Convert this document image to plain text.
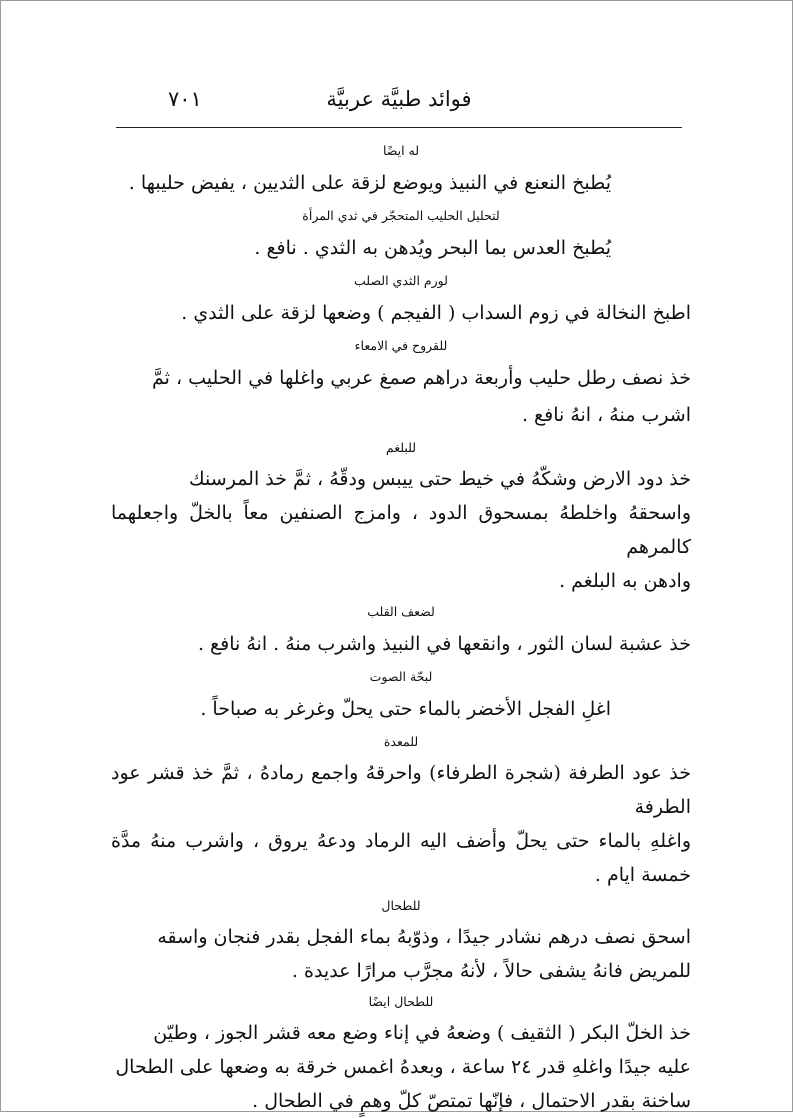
٧٠١	فوائد طبيَّة عربيَّة

له ايضًا

يُطبخ النعنع في النبيذ ويوضع لزقة على الثديين ، يفيض حليبها .

لتحليل الحليب المتحجّر في ثدي المرأة

يُطبخ العدس بما البحر ويُدهن به الثدي . نافع .

لورم الثدي الصلب

اطبخ النخالة في زوم السداب ( الفيجم ) وضعها لزقة على الثدي .

للقروح في الامعاء

خذ نصف رطل حليب وأربعة دراهم صمغ عربي واغلها في الحليب ، ثمَّ

اشرب منهُ ، انهُ نافع .

للبلغم

خذ دود الارض وشكّهُ في خيط حتى ييبس ودقّهُ ، ثمَّ خذ المرسنك

واسحقهُ واخلطهُ بمسحوق الدود ، وامزج الصنفين معاً بالخلّ واجعلهما كالمرهم

وادهن به البلغم .

لضعف القلب

خذ عشبة لسان الثور ، وانقعها في النبيذ واشرب منهُ . انهُ نافع .

لبحّة الصوت

اغلِ الفجل الأخضر بالماء حتى يحلّ وغرغر به صباحاً .

للمعدة

خذ عود الطرفة (شجرة الطرفاء) واحرقهُ واجمع رمادهُ ، ثمَّ خذ قشر عود الطرفة

واغلهِ بالماء حتى يحلّ وأضف اليه الرماد ودعهُ يروق ، واشرب منهُ مدَّة خمسة ايام .

للطحال

اسحق نصف درهم نشادر جيدًا ، وذوّبهُ بماء الفجل بقدر فنجان واسقه

للمريض فانهُ يشفى حالاً ، لأنهُ مجرَّب مرارًا عديدة .

للطحال ايضًا

خذ الخلّ البكر ( الثقيف ) وضعهُ في إناء وضع معه قشر الجوز ، وطيّن

عليه جيدًا واغلهِ قدر ٢٤ ساعة ، وبعدهُ اغمس خرقة به وضعها على الطحال

ساخنة بقدر الاحتمال ، فإنّها تمتصّ كلّ وهمٍ في الطحال .
